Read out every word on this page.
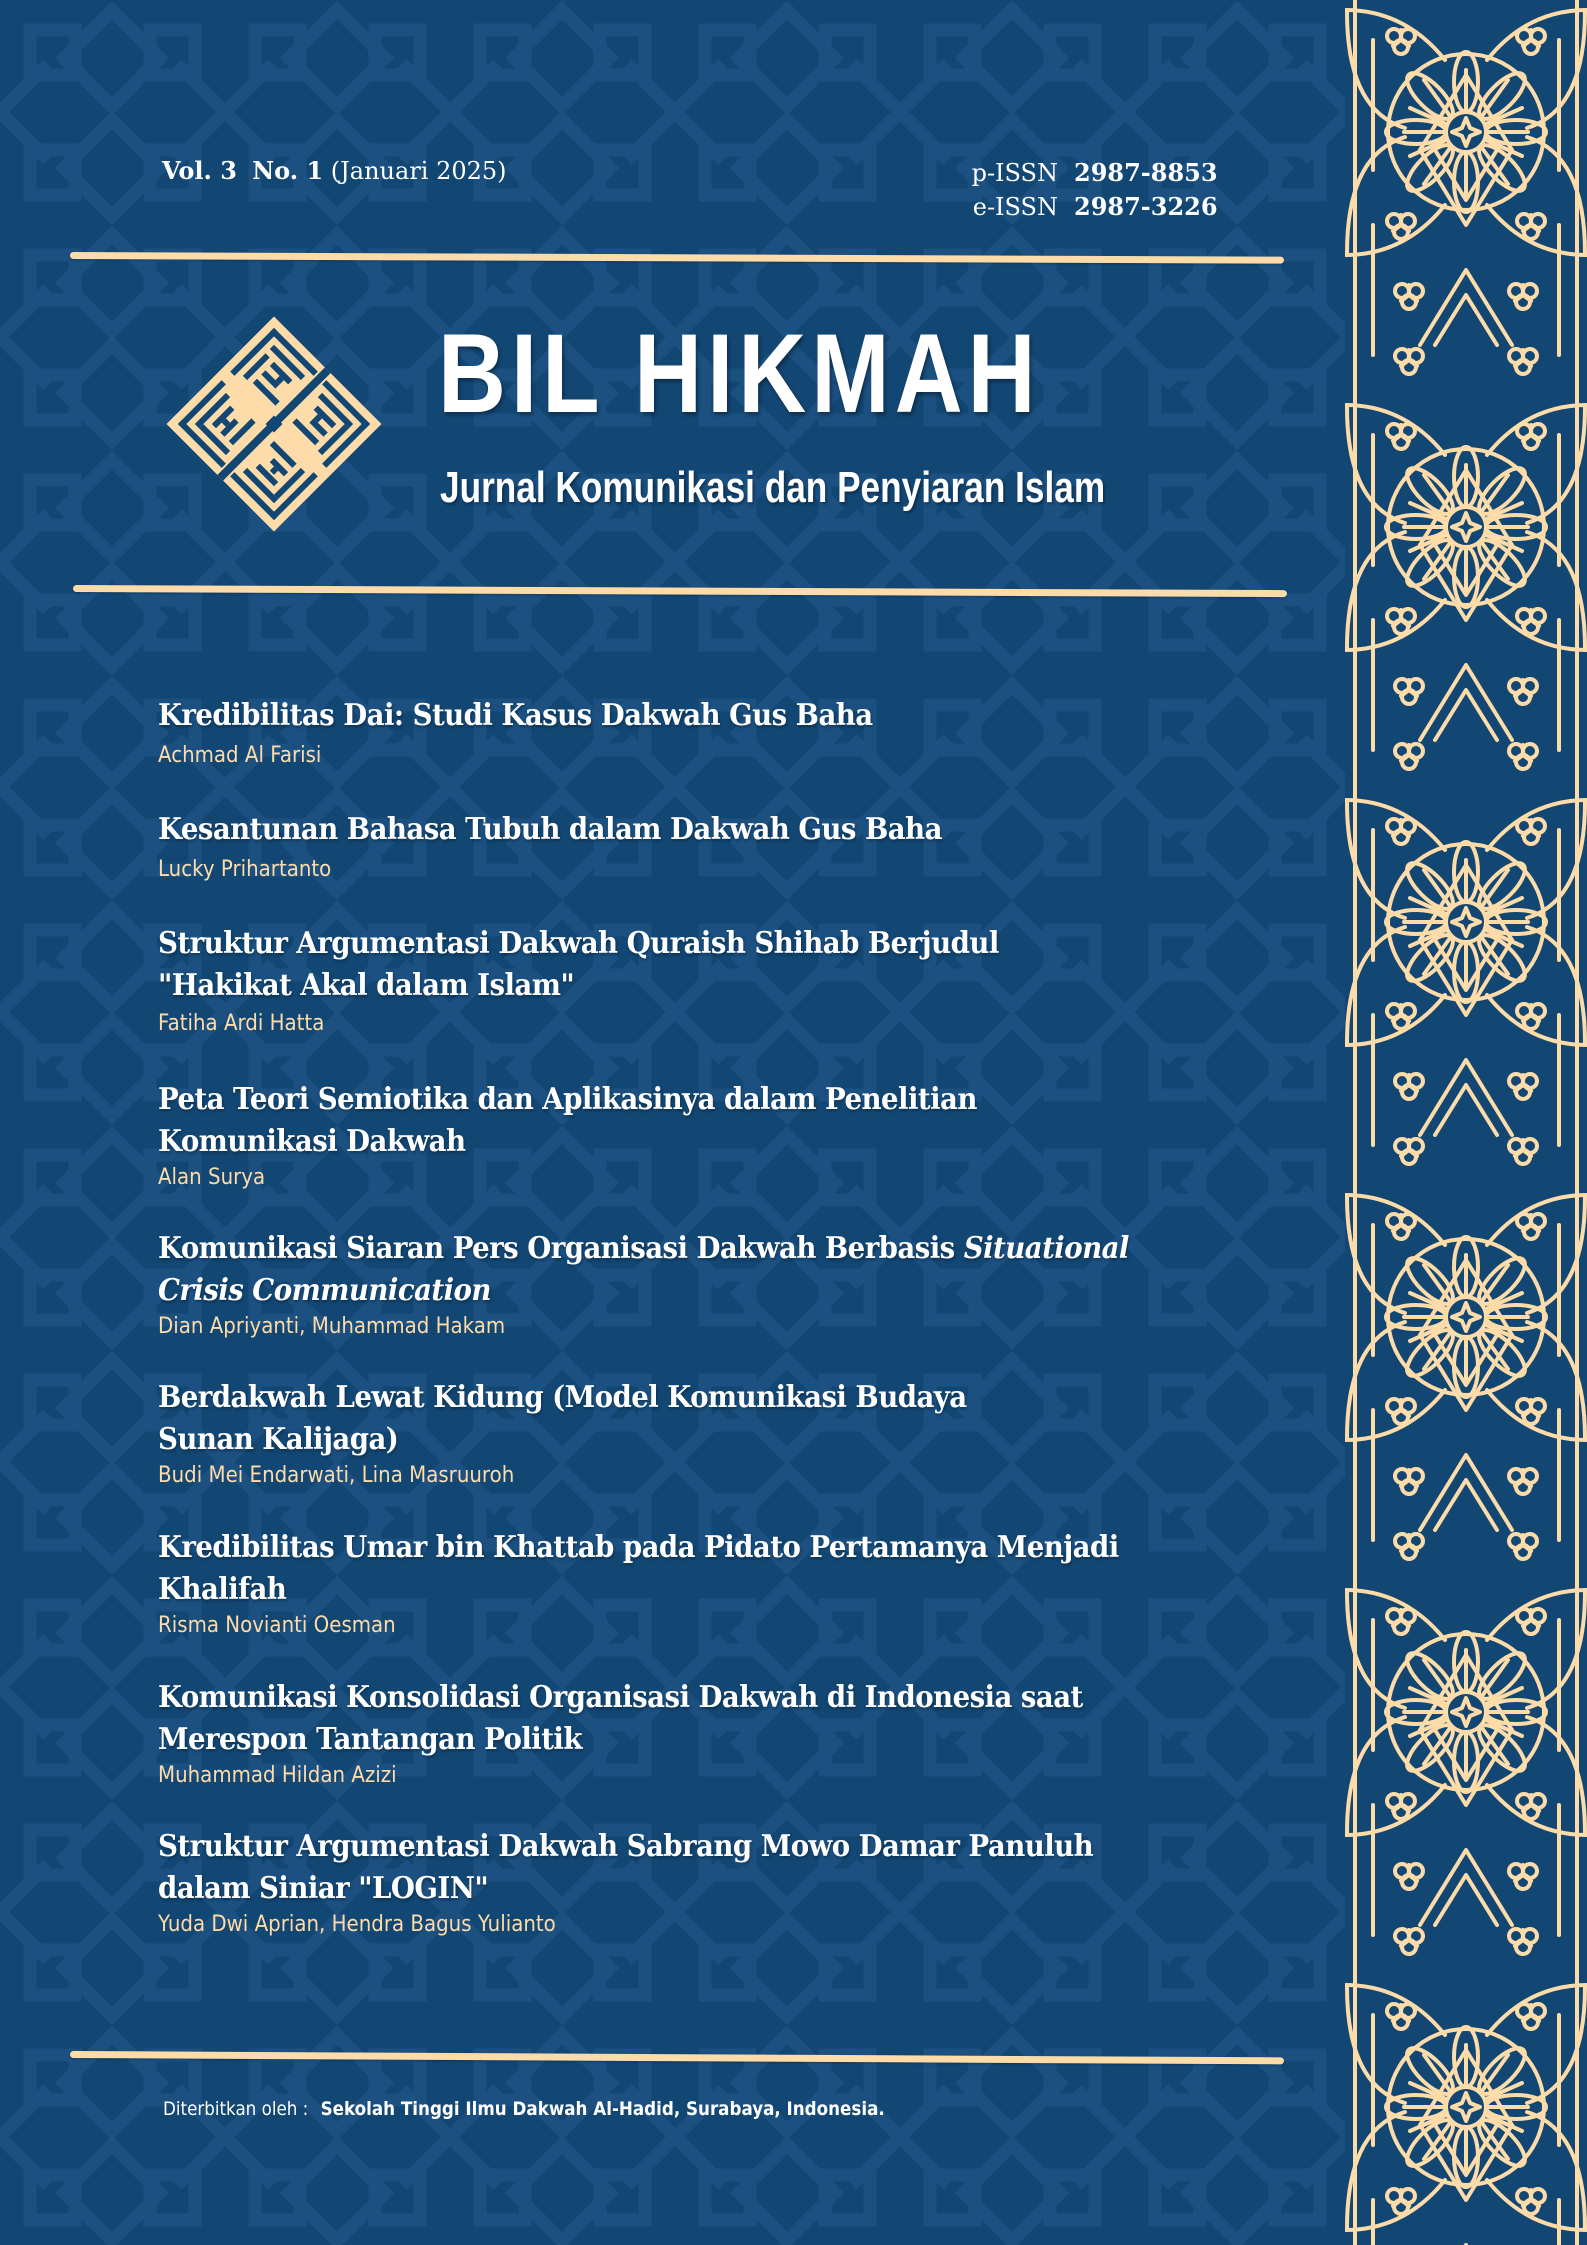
Vol. 3 No. 1 (Januari 2025)	p-ISSN 2987-8853
e-ISSN 2987-3226
BIL HIKMAH
Jurnal Komunikasi dan Penyiaran Islam
Kredibilitas Dai: Studi Kasus Dakwah Gus Baha
Achmad Al Farisi
Kesantunan Bahasa Tubuh dalam Dakwah Gus Baha
Lucky Prihartanto
Struktur Argumentasi Dakwah Quraish Shihab Berjudul
"Hakikat Akal dalam Islam"
Fatiha Ardi Hatta
Peta Teori Semiotika dan Aplikasinya dalam Penelitian
Komunikasi Dakwah
Alan Surya
Komunikasi Siaran Pers Organisasi Dakwah Berbasis Situational
Crisis Communication
Dian Apriyanti, Muhammad Hakam
Berdakwah Lewat Kidung (Model Komunikasi Budaya
Sunan Kalijaga)
Budi Mei Endarwati, Lina Masruuroh
Kredibilitas Umar bin Khattab pada Pidato Pertamanya Menjadi
Khalifah
Risma Novianti Oesman
Komunikasi Konsolidasi Organisasi Dakwah di Indonesia saat
Merespon Tantangan Politik
Muhammad Hildan Azizi
Struktur Argumentasi Dakwah Sabrang Mowo Damar Panuluh
dalam Siniar "LOGIN"
Yuda Dwi Aprian, Hendra Bagus Yulianto
Diterbitkan oleh : Sekolah Tinggi Ilmu Dakwah Al-Hadid, Surabaya, Indonesia.
